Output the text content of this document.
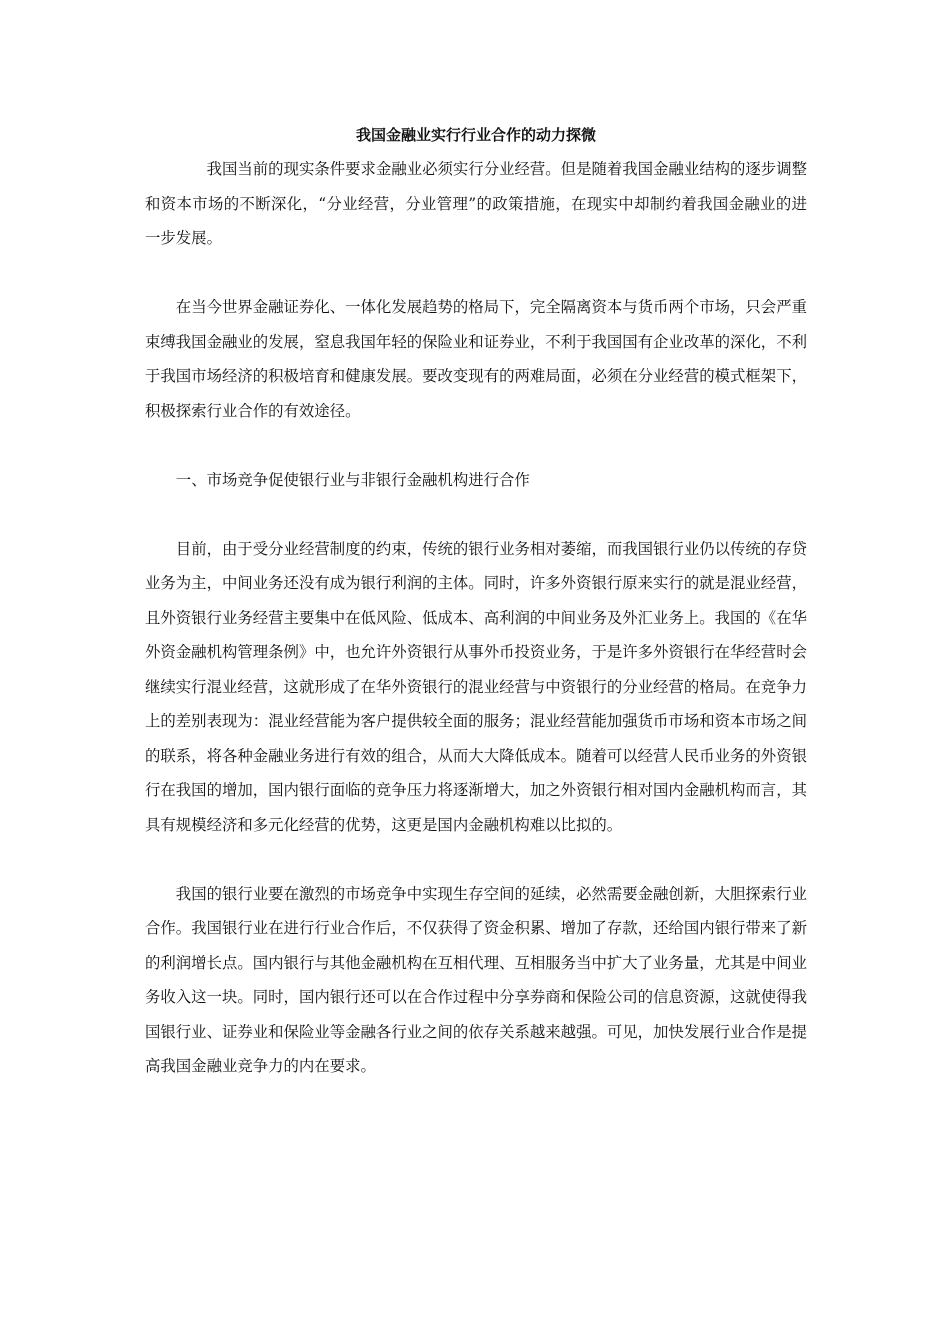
我国金融业实行行业合作的动力探微

我国当前的现实条件要求金融业必须实行分业经营。但是随着我国金融业结构的逐步调整和资本市场的不断深化，“分业经营，分业管理”的政策措施，在现实中却制约着我国金融业的进一步发展。

在当今世界金融证券化、一体化发展趋势的格局下，完全隔离资本与货币两个市场，只会严重束缚我国金融业的发展，窒息我国年轻的保险业和证券业，不利于我国国有企业改革的深化，不利于我国市场经济的积极培育和健康发展。要改变现有的两难局面，必须在分业经营的模式框架下，积极探索行业合作的有效途径。

一、市场竞争促使银行业与非银行金融机构进行合作

目前，由于受分业经营制度的约束，传统的银行业务相对萎缩，而我国银行业仍以传统的存贷业务为主，中间业务还没有成为银行利润的主体。同时，许多外资银行原来实行的就是混业经营，且外资银行业务经营主要集中在低风险、低成本、高利润的中间业务及外汇业务上。我国的《在华外资金融机构管理条例》中，也允许外资银行从事外币投资业务，于是许多外资银行在华经营时会继续实行混业经营，这就形成了在华外资银行的混业经营与中资银行的分业经营的格局。在竞争力上的差别表现为：混业经营能为客户提供较全面的服务；混业经营能加强货币市场和资本市场之间的联系，将各种金融业务进行有效的组合，从而大大降低成本。随着可以经营人民币业务的外资银行在我国的增加，国内银行面临的竞争压力将逐渐增大，加之外资银行相对国内金融机构而言，其具有规模经济和多元化经营的优势，这更是国内金融机构难以比拟的。

我国的银行业要在激烈的市场竞争中实现生存空间的延续，必然需要金融创新，大胆探索行业合作。我国银行业在进行行业合作后，不仅获得了资金积累、增加了存款，还给国内银行带来了新的利润增长点。国内银行与其他金融机构在互相代理、互相服务当中扩大了业务量，尤其是中间业务收入这一块。同时，国内银行还可以在合作过程中分享券商和保险公司的信息资源，这就使得我国银行业、证券业和保险业等金融各行业之间的依存关系越来越强。可见，加快发展行业合作是提高我国金融业竞争力的内在要求。
